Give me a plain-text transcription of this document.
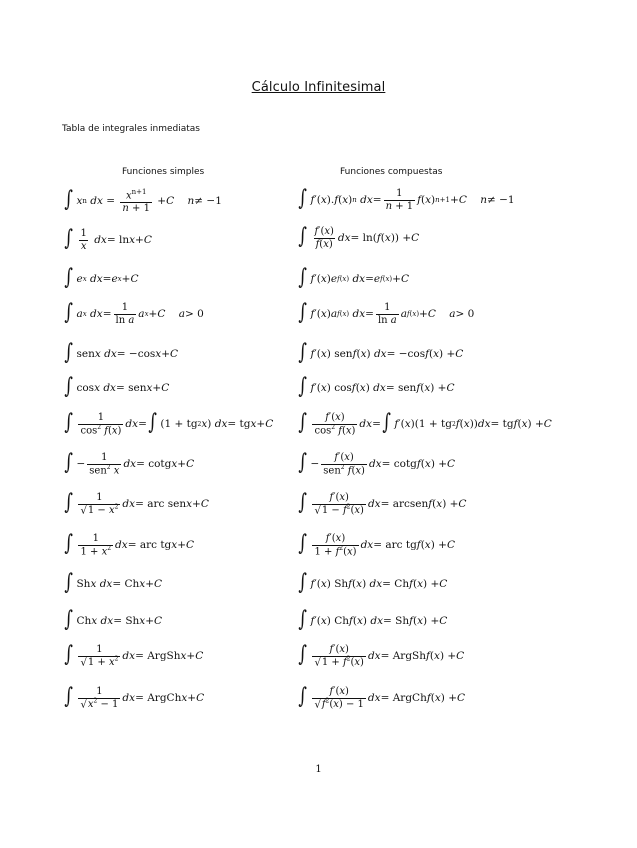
Cálculo Infinitesimal
Tabla de integrales inmediatas
Funciones simples	Funciones compuestas
∫ x n
dx = $\frac{x^{n+1}}{n + 1} + C$
n ≠ −1
∫ $\frac{1}{x}$
dx = ln x + C
∫ e x
dx = e x + C
∫ a x
dx = $\frac{1}{\text{ln a}}$ a x + C
a > 0
∫ sen x
dx = −cos x + C
∫ cos x
dx = sen x + C
∫ $\frac{1}{\cos^2 f(x)}$ dx = ∫ (1 + tg 2 x ) dx = tg x + C
∫ − $\frac{1}{sen^2 x}$ dx = cotg x + C
∫ $\frac{1}{√1 - x^2}$ dx = arc sen x + C
∫ $\frac{1}{1 + x^2}$ dx = arc tg x + C
∫ Sh x
dx = Ch x + C
∫ Ch x
dx = Sh x + C
∫ $\frac{1}{√1 + x^2}$ dx = ArgSh x + C
∫ $\frac{1}{√x^2 - 1}$ dx = ArgCh x + C
∫ f ′( x ). f ( x ) n
dx = $\frac{1}{n + 1}$ f ( x ) n+1 + C
n ≠ −1
∫ $\frac{f'(x)}{f(x)}$ dx = ln( f ( x )) + C
∫ f ′( x ) e f(x)
dx = e f(x) + C
∫ f ′( x ) a f(x)
dx = $\frac{1}{\text{ln a}}$ a f(x) + C
a > 0
∫ f ′( x ) sen f ( x ) dx = −cos f ( x ) + C
∫ f ′( x ) cos f ( x ) dx = sen f ( x ) + C
∫ $\frac{f'(x)}{\cos^2 f(x)}$ dx = ∫ f ′( x )(1 + tg 2 f ( x )) dx = tg f ( x ) + C
∫ − $\frac{f'(x)}{sen^2 f(x)}$ dx = cotg f ( x ) + C
∫ $\frac{f'(x)}{√1 - f^2(x)}$ dx = arcsen f ( x ) + C
∫ $\frac{f'(x)}{1 + f^2(x)}$ dx = arc tg f ( x ) + C
∫ f ′( x ) Sh f ( x ) dx = Ch f ( x ) + C
∫ f ′( x ) Ch f ( x ) dx = Sh f ( x ) + C
∫ $\frac{f'(x)}{√1 + f^2(x)}$ dx = ArgSh f ( x ) + C
∫ $\frac{f'(x)}{√f^2(x) - 1}$ dx = ArgCh f ( x ) + C
1
